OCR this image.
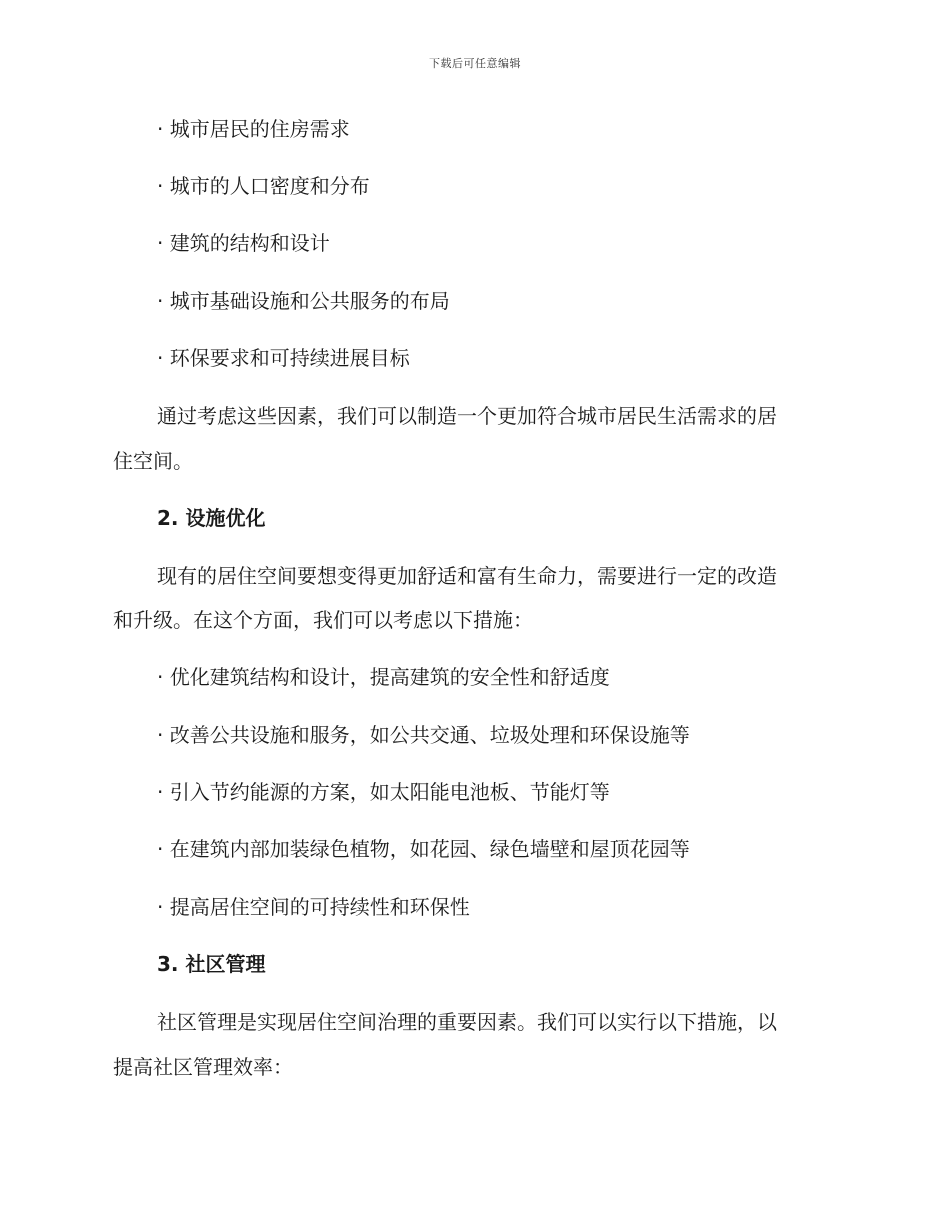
下载后可任意编辑
· 城市居民的住房需求
· 城市的人口密度和分布
· 建筑的结构和设计
· 城市基础设施和公共服务的布局
· 环保要求和可持续进展目标
通过考虑这些因素，我们可以制造一个更加符合城市居民生活需求的居
住空间。
2. 设施优化
现有的居住空间要想变得更加舒适和富有生命力，需要进行一定的改造
和升级。在这个方面，我们可以考虑以下措施：
· 优化建筑结构和设计，提高建筑的安全性和舒适度
· 改善公共设施和服务，如公共交通、垃圾处理和环保设施等
· 引入节约能源的方案，如太阳能电池板、节能灯等
· 在建筑内部加装绿色植物，如花园、绿色墙壁和屋顶花园等
· 提高居住空间的可持续性和环保性
3. 社区管理
社区管理是实现居住空间治理的重要因素。我们可以实行以下措施，以
提高社区管理效率：
